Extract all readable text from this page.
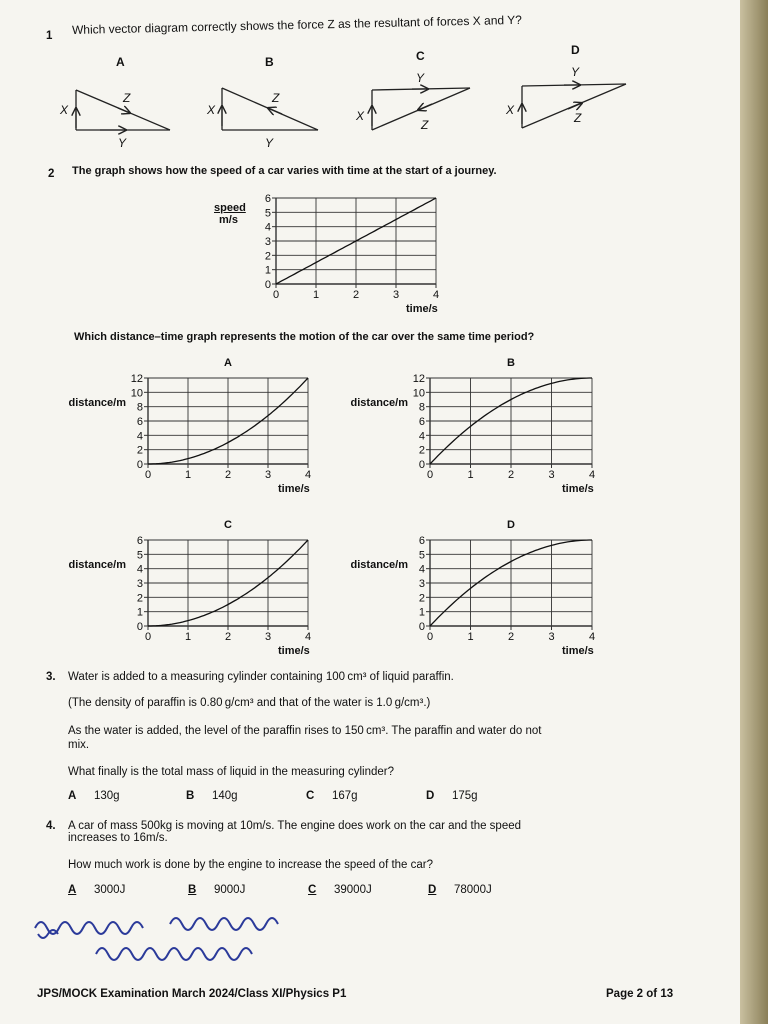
1 Which vector diagram correctly shows the force Z as the resultant of forces X and Y?
A	B	C	D
X
Z
Y
X
Z
Y
X
Y
Z
X
Y
Z
2 The graph shows how the speed of a car varies with time at the start of a journey.
speed
m/s
0	1	2	3	4
0
1
2
3
4
5
6
time/s
Which distance–time graph represents the motion of the car over the same time period?
0	1	2	3	4
0
2
4
6
8
10
12
time/s
distance/m
A
0	1	2	3	4
0
2
4
6
8
10
12
time/s
distance/m
B
0	1	2	3	4
0
1
2
3
4
5
6
time/s
distance/m
C
0	1	2	3	4
0
1
2
3
4
5
6
time/s
distance/m
D
3. Water is added to a measuring cylinder containing 100 cm³ of liquid paraffin.
(The density of paraffin is 0.80 g/cm³ and that of the water is 1.0 g/cm³.)
As the water is added, the level of the paraffin rises to 150 cm³. The paraffin and water do not
mix.
What finally is the total mass of liquid in the measuring cylinder?
A 130g	B 140g	C 167g	D 175g
4. A car of mass 500kg is moving at 10m/s. The engine does work on the car and the speed
increases to 16m/s.
How much work is done by the engine to increase the speed of the car?
A 3000J	B 9000J	C 39000J	D 78000J
JPS/MOCK Examination March 2024/Class XI/Physics P1	Page 2 of 13
